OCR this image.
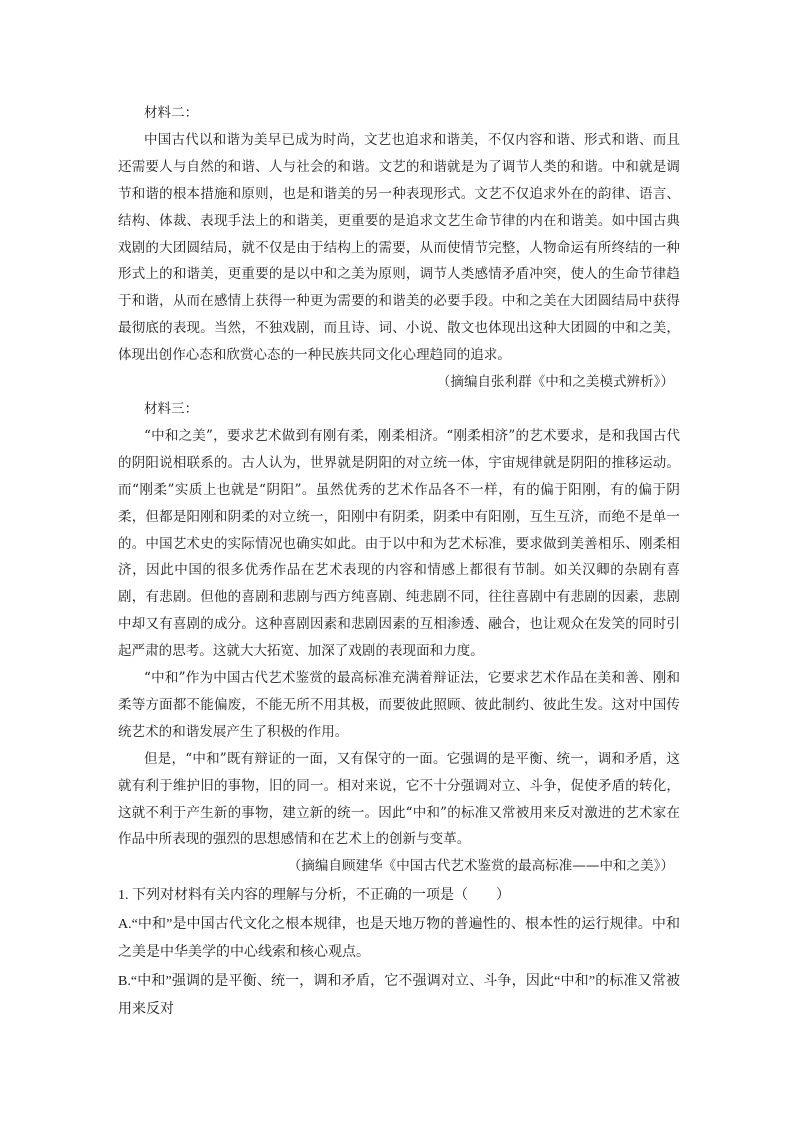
材料二：

中国古代以和谐为美早已成为时尚，文艺也追求和谐美，不仅内容和谐、形式和谐、而且还需要人与自然的和谐、人与社会的和谐。文艺的和谐就是为了调节人类的和谐。中和就是调节和谐的根本措施和原则，也是和谐美的另一种表现形式。文艺不仅追求外在的韵律、语言、结构、体裁、表现手法上的和谐美，更重要的是追求文艺生命节律的内在和谐美。如中国古典戏剧的大团圆结局，就不仅是由于结构上的需要，从而使情节完整，人物命运有所终结的一种形式上的和谐美，更重要的是以中和之美为原则，调节人类感情矛盾冲突，使人的生命节律趋于和谐，从而在感情上获得一种更为需要的和谐美的必要手段。中和之美在大团圆结局中获得最彻底的表现。当然，不独戏剧，而且诗、词、小说、散文也体现出这种大团圆的中和之美，体现出创作心态和欣赏心态的一种民族共同文化心理趋同的追求。

（摘编自张利群《中和之美模式辨析》）

材料三：

“中和之美”，要求艺术做到有刚有柔，刚柔相济。“刚柔相济”的艺术要求，是和我国古代的阴阳说相联系的。古人认为，世界就是阴阳的对立统一体，宇宙规律就是阴阳的推移运动。而“刚柔”实质上也就是“阴阳”。虽然优秀的艺术作品各不一样，有的偏于阳刚，有的偏于阴柔，但都是阳刚和阴柔的对立统一，阳刚中有阴柔，阴柔中有阳刚，互生互济，而绝不是单一的。中国艺术史的实际情况也确实如此。由于以中和为艺术标准，要求做到美善相乐、刚柔相济，因此中国的很多优秀作品在艺术表现的内容和情感上都很有节制。如关汉卿的杂剧有喜剧，有悲剧。但他的喜剧和悲剧与西方纯喜剧、纯悲剧不同，往往喜剧中有悲剧的因素，悲剧中却又有喜剧的成分。这种喜剧因素和悲剧因素的互相渗透、融合，也让观众在发笑的同时引起严肃的思考。这就大大拓宽、加深了戏剧的表现面和力度。

“中和”作为中国古代艺术鉴赏的最高标准充满着辩证法，它要求艺术作品在美和善、刚和柔等方面都不能偏废，不能无所不用其极，而要彼此照顾、彼此制约、彼此生发。这对中国传统艺术的和谐发展产生了积极的作用。

但是，“中和”既有辩证的一面，又有保守的一面。它强调的是平衡、统一，调和矛盾，这就有利于维护旧的事物，旧的同一。相对来说，它不十分强调对立、斗争，促使矛盾的转化，这就不利于产生新的事物，建立新的统一。因此“中和”的标准又常被用来反对激进的艺术家在作品中所表现的强烈的思想感情和在艺术上的创新与变革。

（摘编自顾建华《中国古代艺术鉴赏的最高标准——中和之美》）

1. 下列对材料有关内容的理解与分析，不正确的一项是（　　）

A.“中和”是中国古代文化之根本规律，也是天地万物的普遍性的、根本性的运行规律。中和之美是中华美学的中心线索和核心观点。

B.“中和”强调的是平衡、统一，调和矛盾，它不强调对立、斗争，因此“中和”的标准又常被用来反对
